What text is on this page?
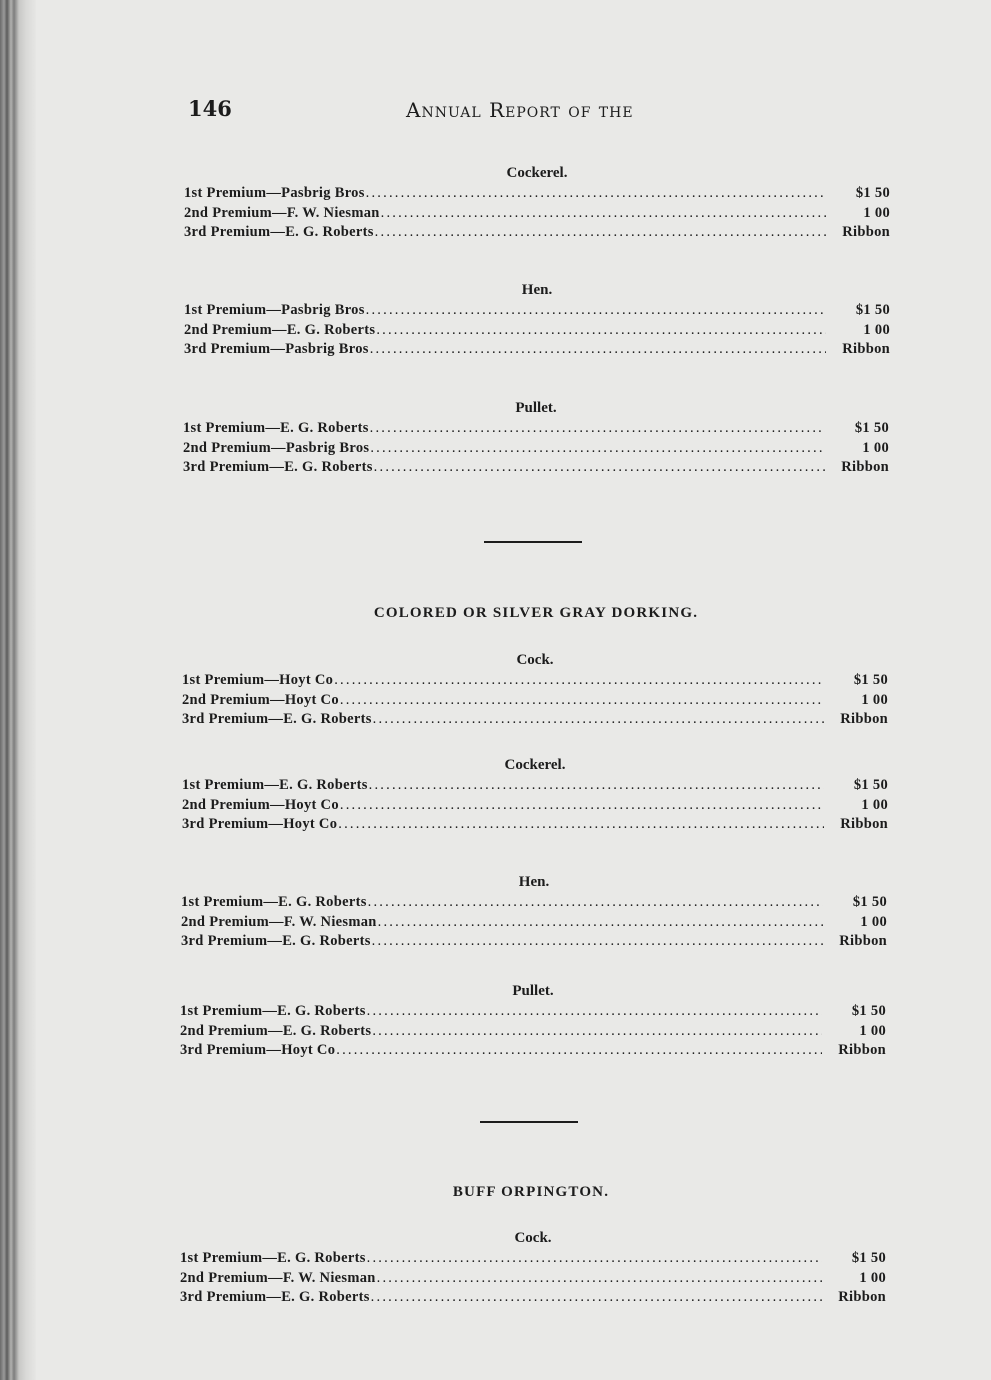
146	Annual Report of the
Cockerel.
1st Premium—Pasbrig Bros .....	$1 50
2nd Premium—F. W. Niesman .....	1 00
3rd Premium—E. G. Roberts .....	Ribbon
Hen.
1st Premium—Pasbrig Bros .....	$1 50
2nd Premium—E. G. Roberts .....	1 00
3rd Premium—Pasbrig Bros .....	Ribbon
Pullet.
1st Premium—E. G. Roberts .....	$1 50
2nd Premium—Pasbrig Bros .....	1 00
3rd Premium—E. G. Roberts .....	Ribbon
COLORED OR SILVER GRAY DORKING.
Cock.
1st Premium—Hoyt Co .....	$1 50
2nd Premium—Hoyt Co .....	1 00
3rd Premium—E. G. Roberts .....	Ribbon
Cockerel.
1st Premium—E. G. Roberts .....	$1 50
2nd Premium—Hoyt Co .....	1 00
3rd Premium—Hoyt Co .....	Ribbon
Hen.
1st Premium—E. G. Roberts .....	$1 50
2nd Premium—F. W. Niesman .....	1 00
3rd Premium—E. G. Roberts .....	Ribbon
Pullet.
1st Premium—E. G. Roberts .....	$1 50
2nd Premium—E. G. Roberts .....	1 00
3rd Premium—Hoyt Co .....	Ribbon
BUFF ORPINGTON.
Cock.
1st Premium—E. G. Roberts .....	$1 50
2nd Premium—F. W. Niesman .....	1 00
3rd Premium—E. G. Roberts .....	Ribbon
